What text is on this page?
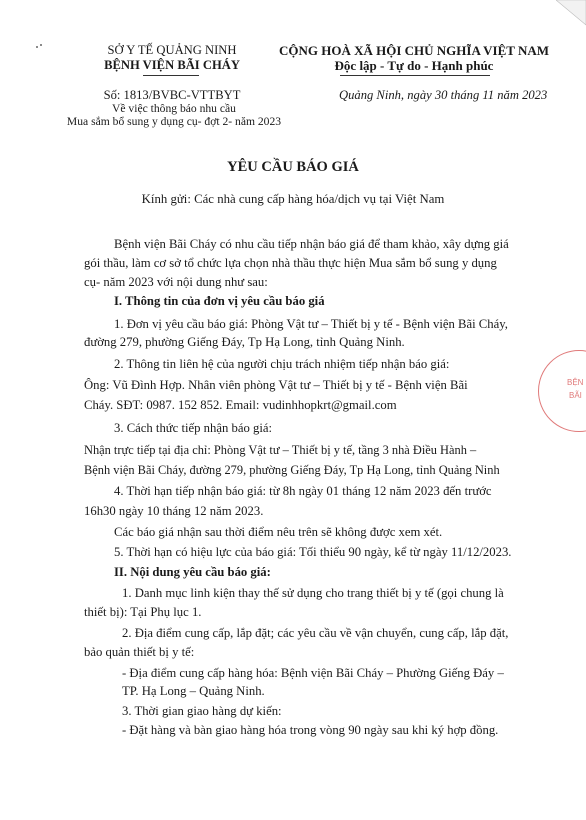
SỞ Y TẾ QUẢNG NINH
BỆNH VIỆN BÃI CHÁY
CỘNG HOÀ XÃ HỘI CHỦ NGHĨA VIỆT NAM
Độc lập - Tự do - Hạnh phúc
Số: 1813/BVBC-VTTBYT
Về việc thông báo nhu cầu
Mua sắm bổ sung y dụng cụ- đợt 2- năm 2023
Quảng Ninh, ngày 30 tháng 11 năm 2023
YÊU CẦU BÁO GIÁ
Kính gửi: Các nhà cung cấp hàng hóa/dịch vụ tại Việt Nam
Bệnh viện Bãi Cháy có nhu cầu tiếp nhận báo giá để tham khảo, xây dựng giá
gói thầu, làm cơ sở tổ chức lựa chọn nhà thầu thực hiện Mua sắm bổ sung y dụng
cụ- năm 2023 với nội dung như sau:
I. Thông tin của đơn vị yêu cầu báo giá
1. Đơn vị yêu cầu báo giá: Phòng Vật tư – Thiết bị y tế - Bệnh viện Bãi Cháy,
đường 279, phường Giếng Đáy, Tp Hạ Long, tỉnh Quảng Ninh.
2. Thông tin liên hệ của người chịu trách nhiệm tiếp nhận báo giá:
Ông: Vũ Đình Hợp. Nhân viên phòng Vật tư – Thiết bị y tế - Bệnh viện Bãi
Cháy. SĐT: 0987. 152 852. Email: vudinhhopkrt@gmail.com
3. Cách thức tiếp nhận báo giá:
Nhận trực tiếp tại địa chỉ: Phòng Vật tư – Thiết bị y tế, tầng 3 nhà Điều Hành –
Bệnh viện Bãi Cháy, đường 279, phường Giếng Đáy, Tp Hạ Long, tỉnh Quảng Ninh
4. Thời hạn tiếp nhận báo giá: từ 8h ngày 01 tháng 12 năm 2023 đến trước
16h30 ngày 10 tháng 12 năm 2023.
Các báo giá nhận sau thời điểm nêu trên sẽ không được xem xét.
5. Thời hạn có hiệu lực của báo giá: Tối thiểu 90 ngày, kể từ ngày 11/12/2023.
II. Nội dung yêu cầu báo giá:
1. Danh mục linh kiện thay thế sử dụng cho trang thiết bị y tế (gọi chung là
thiết bị): Tại Phụ lục 1.
2. Địa điểm cung cấp, lắp đặt; các yêu cầu về vận chuyển, cung cấp, lắp đặt,
bảo quản thiết bị y tế:
- Địa điểm cung cấp hàng hóa: Bệnh viện Bãi Cháy – Phường Giếng Đáy –
TP. Hạ Long – Quảng Ninh.
3. Thời gian giao hàng dự kiến:
- Đặt hàng và bàn giao hàng hóa trong vòng 90 ngày sau khi ký hợp đồng.
BỆN
BÃI
